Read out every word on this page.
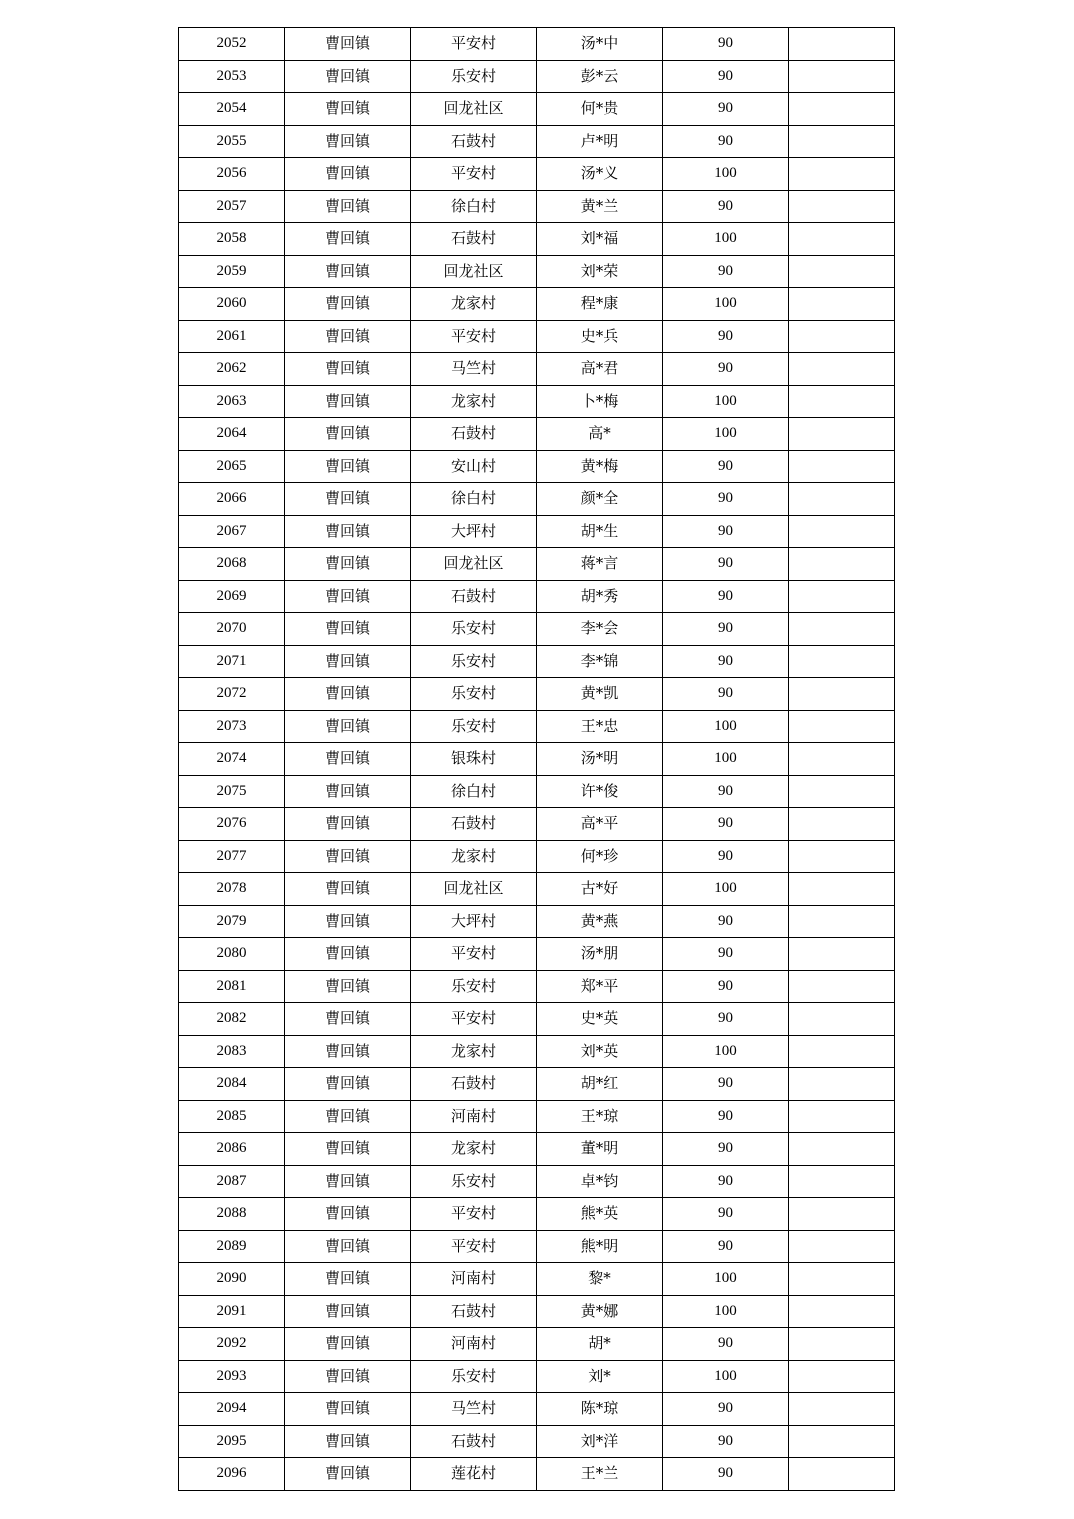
2052	曹回镇	平安村	汤*中	90	
2053	曹回镇	乐安村	彭*云	90	
2054	曹回镇	回龙社区	何*贵	90	
2055	曹回镇	石鼓村	卢*明	90	
2056	曹回镇	平安村	汤*义	100	
2057	曹回镇	徐白村	黄*兰	90	
2058	曹回镇	石鼓村	刘*福	100	
2059	曹回镇	回龙社区	刘*荣	90	
2060	曹回镇	龙家村	程*康	100	
2061	曹回镇	平安村	史*兵	90	
2062	曹回镇	马竺村	高*君	90	
2063	曹回镇	龙家村	卜*梅	100	
2064	曹回镇	石鼓村	高*	100	
2065	曹回镇	安山村	黄*梅	90	
2066	曹回镇	徐白村	颜*全	90	
2067	曹回镇	大坪村	胡*生	90	
2068	曹回镇	回龙社区	蒋*言	90	
2069	曹回镇	石鼓村	胡*秀	90	
2070	曹回镇	乐安村	李*会	90	
2071	曹回镇	乐安村	李*锦	90	
2072	曹回镇	乐安村	黄*凯	90	
2073	曹回镇	乐安村	王*忠	100	
2074	曹回镇	银珠村	汤*明	100	
2075	曹回镇	徐白村	许*俊	90	
2076	曹回镇	石鼓村	高*平	90	
2077	曹回镇	龙家村	何*珍	90	
2078	曹回镇	回龙社区	古*好	100	
2079	曹回镇	大坪村	黄*燕	90	
2080	曹回镇	平安村	汤*朋	90	
2081	曹回镇	乐安村	郑*平	90	
2082	曹回镇	平安村	史*英	90	
2083	曹回镇	龙家村	刘*英	100	
2084	曹回镇	石鼓村	胡*红	90	
2085	曹回镇	河南村	王*琼	90	
2086	曹回镇	龙家村	董*明	90	
2087	曹回镇	乐安村	卓*钧	90	
2088	曹回镇	平安村	熊*英	90	
2089	曹回镇	平安村	熊*明	90	
2090	曹回镇	河南村	黎*	100	
2091	曹回镇	石鼓村	黄*娜	100	
2092	曹回镇	河南村	胡*	90	
2093	曹回镇	乐安村	刘*	100	
2094	曹回镇	马竺村	陈*琼	90	
2095	曹回镇	石鼓村	刘*洋	90	
2096	曹回镇	莲花村	王*兰	90	
